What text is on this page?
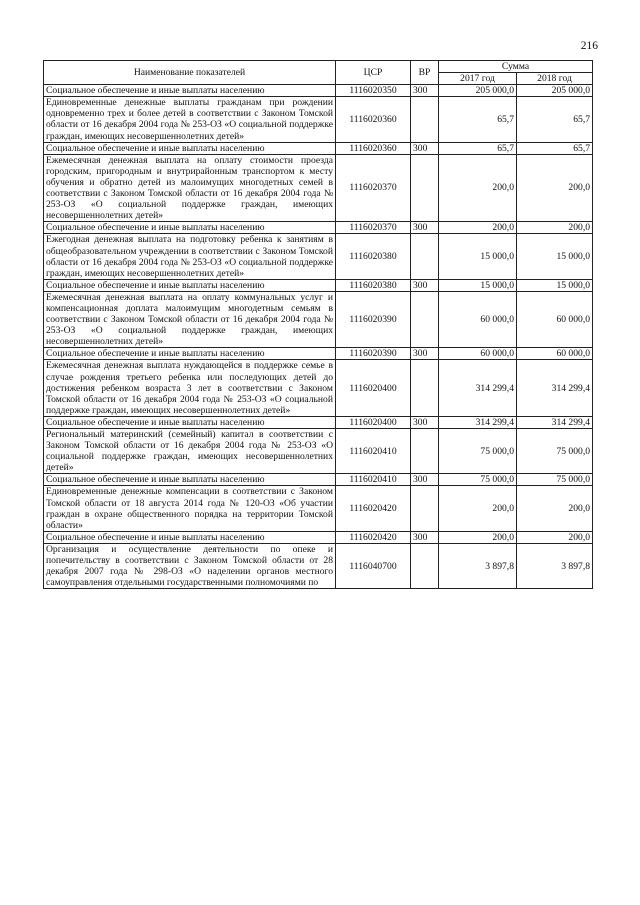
216
Наименование показателей	ЦСР	ВР	Сумма	
			2017 год	2018 год
Социальное обеспечение и иные выплаты населению	1116020350	300	205 000,0	205 000,0
Единовременные денежные выплаты гражданам при рождении одновременно трех и более детей в соответствии с Законом Томской области от 16 декабря 2004 года № 253-ОЗ «О социальной поддержке граждан, имеющих несовершеннолетних детей»	1116020360		65,7	65,7
Социальное обеспечение и иные выплаты населению	1116020360	300	65,7	65,7
Ежемесячная денежная выплата на оплату стоимости проезда городским, пригородным и внутрирайонным транспортом к месту обучения и обратно детей из малоимущих многодетных семей в соответствии с Законом Томской области от 16 декабря 2004 года № 253-ОЗ «О социальной поддержке граждан, имеющих несовершеннолетних детей»	1116020370		200,0	200,0
Социальное обеспечение и иные выплаты населению	1116020370	300	200,0	200,0
Ежегодная денежная выплата на подготовку ребенка к занятиям в общеобразовательном учреждении в соответствии с Законом Томской области от 16 декабря 2004 года № 253-ОЗ «О социальной поддержке граждан, имеющих несовершеннолетних детей»	1116020380		15 000,0	15 000,0
Социальное обеспечение и иные выплаты населению	1116020380	300	15 000,0	15 000,0
Ежемесячная денежная выплата на оплату коммунальных услуг и компенсационная доплата малоимущим многодетным семьям в соответствии с Законом Томской области от 16 декабря 2004 года № 253-ОЗ «О социальной поддержке граждан, имеющих несовершеннолетних детей»	1116020390		60 000,0	60 000,0
Социальное обеспечение и иные выплаты населению	1116020390	300	60 000,0	60 000,0
Ежемесячная денежная выплата нуждающейся в поддержке семье в случае рождения третьего ребенка или последующих детей до достижения ребенком возраста 3 лет в соответствии с Законом Томской области от 16 декабря 2004 года № 253-ОЗ «О социальной поддержке граждан, имеющих несовершеннолетних детей»	1116020400		314 299,4	314 299,4
Социальное обеспечение и иные выплаты населению	1116020400	300	314 299,4	314 299,4
Региональный материнский (семейный) капитал в соответствии с Законом Томской области от 16 декабря 2004 года № 253-ОЗ «О социальной поддержке граждан, имеющих несовершеннолетних детей»	1116020410		75 000,0	75 000,0
Социальное обеспечение и иные выплаты населению	1116020410	300	75 000,0	75 000,0
Единовременные денежные компенсации в соответствии с Законом Томской области от 18 августа 2014 года № 120-ОЗ «Об участии граждан в охране общественного порядка на территории Томской области»	1116020420		200,0	200,0
Социальное обеспечение и иные выплаты населению	1116020420	300	200,0	200,0
Организация и осуществление деятельности по опеке и попечительству в соответствии с Законом Томской области от 28 декабря 2007 года № 298-ОЗ «О наделении органов местного самоуправления отдельными государственными полномочиями по	1116040700		3 897,8	3 897,8
